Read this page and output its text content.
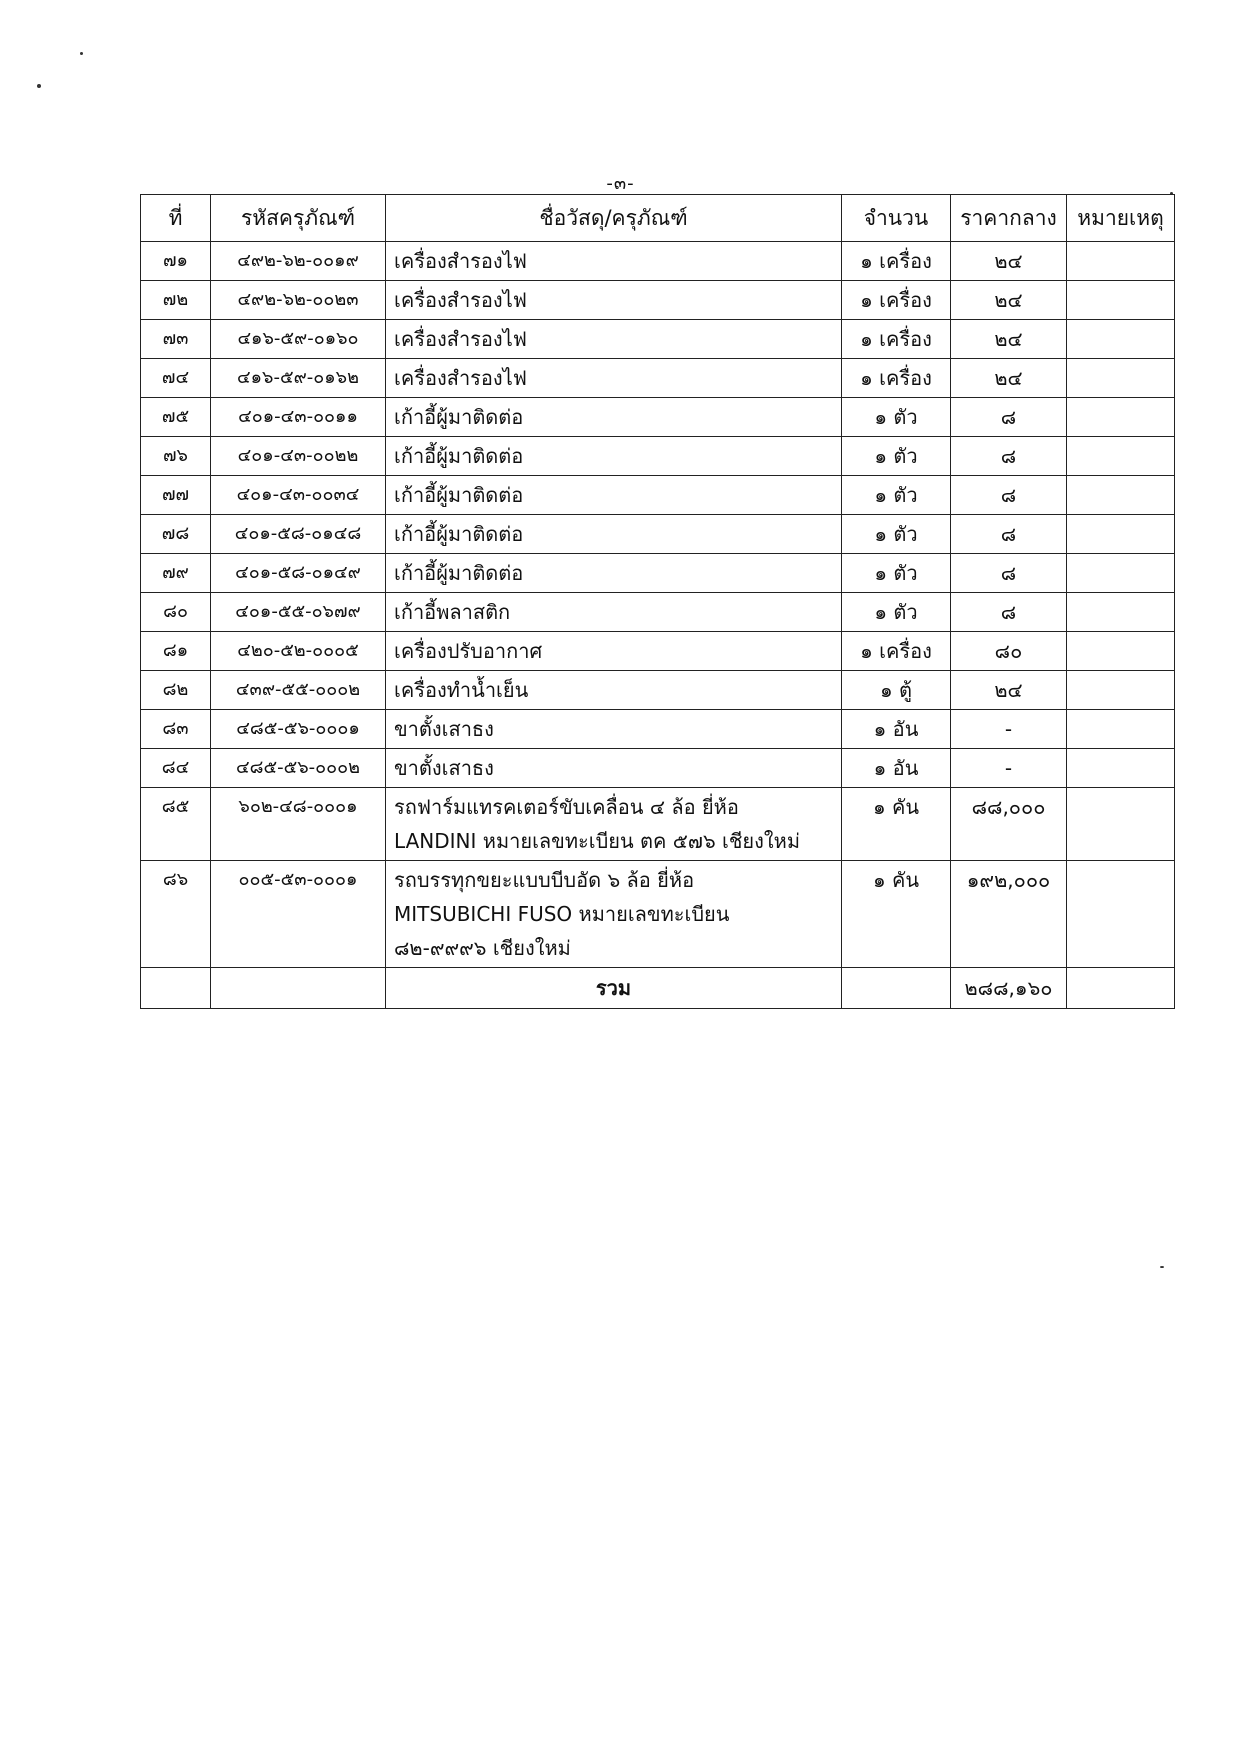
-๓-
ที่	รหัสครุภัณฑ์	ชื่อวัสดุ/ครุภัณฑ์	จำนวน	ราคากลาง	หมายเหตุ
๗๑	๔๙๒-๖๒-๐๐๑๙	เครื่องสำรองไฟ	๑ เครื่อง	๒๔	
๗๒	๔๙๒-๖๒-๐๐๒๓	เครื่องสำรองไฟ	๑ เครื่อง	๒๔	
๗๓	๔๑๖-๕๙-๐๑๖๐	เครื่องสำรองไฟ	๑ เครื่อง	๒๔	
๗๔	๔๑๖-๕๙-๐๑๖๒	เครื่องสำรองไฟ	๑ เครื่อง	๒๔	
๗๕	๔๐๑-๔๓-๐๐๑๑	เก้าอี้ผู้มาติดต่อ	๑ ตัว	๘	
๗๖	๔๐๑-๔๓-๐๐๒๒	เก้าอี้ผู้มาติดต่อ	๑ ตัว	๘	
๗๗	๔๐๑-๔๓-๐๐๓๔	เก้าอี้ผู้มาติดต่อ	๑ ตัว	๘	
๗๘	๔๐๑-๕๘-๐๑๔๘	เก้าอี้ผู้มาติดต่อ	๑ ตัว	๘	
๗๙	๔๐๑-๕๘-๐๑๔๙	เก้าอี้ผู้มาติดต่อ	๑ ตัว	๘	
๘๐	๔๐๑-๕๕-๐๖๗๙	เก้าอี้พลาสติก	๑ ตัว	๘	
๘๑	๔๒๐-๕๒-๐๐๐๕	เครื่องปรับอากาศ	๑ เครื่อง	๘๐	
๘๒	๔๓๙-๕๕-๐๐๐๒	เครื่องทำน้ำเย็น	๑ ตู้	๒๔	
๘๓	๔๘๕-๕๖-๐๐๐๑	ขาตั้งเสาธง	๑ อัน	-	
๘๔	๔๘๕-๕๖-๐๐๐๒	ขาตั้งเสาธง	๑ อัน	-	
๘๕	๖๐๒-๔๘-๐๐๐๑	รถฟาร์มแทรคเตอร์ขับเคลื่อน ๔ ล้อ ยี่ห้อ
LANDINI หมายเลขทะเบียน ตค ๕๗๖ เชียงใหม่	๑ คัน	๘๘,๐๐๐	
๘๖	๐๐๕-๕๓-๐๐๐๑	รถบรรทุกขยะแบบบีบอัด ๖ ล้อ ยี่ห้อ
MITSUBICHI FUSO หมายเลขทะเบียน
๘๒-๙๙๙๖ เชียงใหม่	๑ คัน	๑๙๒,๐๐๐	
		รวม		๒๘๘,๑๖๐	
